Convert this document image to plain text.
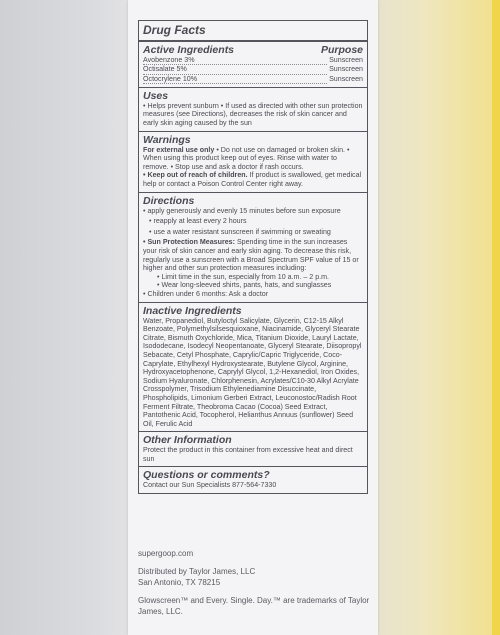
Drug Facts
Active Ingredients	Purpose
Avobenzone 3%	Sunscreen
Octisalate 5%	Sunscreen
Octocrylene 10%	Sunscreen
Uses

• Helps prevent sunburn • If used as directed with other sun protection measures (see Directions), decreases the risk of skin cancer and early skin aging caused by the sun

Warnings

For external use only • Do not use on damaged or broken skin. • When using this product keep out of eyes. Rinse with water to remove. • Stop use and ask a doctor if rash occurs.

• Keep out of reach of children. If product is swallowed, get medical help or contact a Poison Control Center right away.

Directions

• apply generously and evenly 15 minutes before sun exposure

• reapply at least every 2 hours

• use a water resistant sunscreen if swimming or sweating

• Sun Protection Measures: Spending time in the sun increases your risk of skin cancer and early skin aging. To decrease this risk, regularly use a sunscreen with a Broad Spectrum SPF value of 15 or higher and other sun protection measures including:

• Limit time in the sun, especially from 10 a.m. – 2 p.m.

• Wear long-sleeved shirts, pants, hats, and sunglasses

• Children under 6 months: Ask a doctor

Inactive Ingredients

Water, Propanediol, Butyloctyl Salicylate, Glycerin, C12-15 Alkyl Benzoate, Polymethylsilsesquioxane, Niacinamide, Glyceryl Stearate Citrate, Bismuth Oxychloride, Mica, Titanium Dioxide, Lauryl Lactate, Isododecane, Isodecyl Neopentanoate, Glyceryl Stearate, Diisopropyl Sebacate, Cetyl Phosphate, Caprylic/Capric Triglyceride, Coco-Caprylate, Ethylhexyl Hydroxystearate, Butylene Glycol, Arginine, Hydroxyacetophenone, Caprylyl Glycol, 1,2-Hexanediol, Iron Oxides, Sodium Hyaluronate, Chlorphenesin, Acrylates/C10-30 Alkyl Acrylate Crosspolymer, Trisodium Ethylenediamine Disuccinate, Phospholipids, Limonium Gerberi Extract, Leuconostoc/Radish Root Ferment Filtrate, Theobroma Cacao (Cocoa) Seed Extract, Pantothenic Acid, Tocopherol, Helianthus Annuus (sunflower) Seed Oil, Ferulic Acid

Other Information

Protect the product in this container from excessive heat and direct sun

Questions or comments?

Contact our Sun Specialists 877-564-7330

supergoop.com

Distributed by Taylor James, LLC

San Antonio, TX 78215

Glowscreen™ and Every. Single. Day.™ are trademarks of Taylor James, LLC.
